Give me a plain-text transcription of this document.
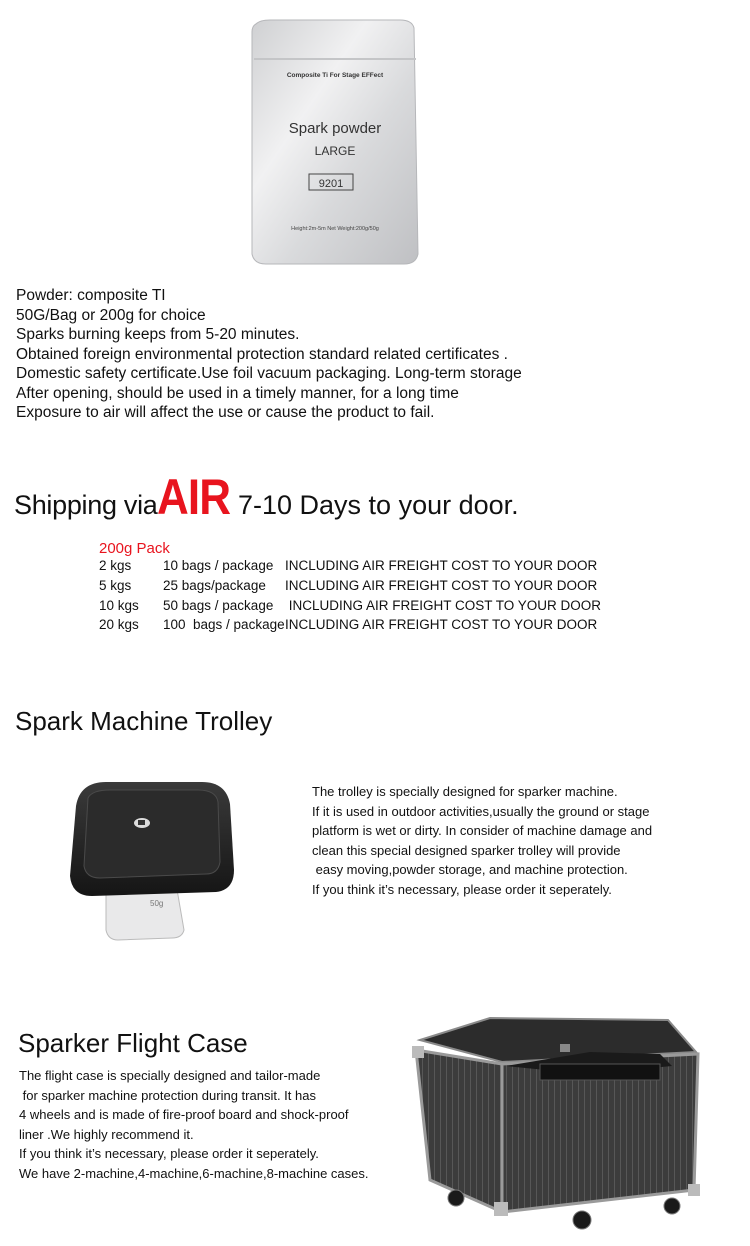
Composite Ti For Stage EFFect
Spark powder
LARGE
9201
Height:2m-5m Net Weight:200g/50g
Powder: composite TI
50G/Bag or 200g for choice
Sparks burning keeps from 5-20 minutes.
Obtained foreign environmental protection standard related certificates .
Domestic safety certificate.Use foil vacuum packaging. Long-term storage
After opening, should be used in a timely manner, for a long time
Exposure to air will affect the use or cause the product to fail.
Shipping via AIR 7-10 Days to your door.
200g Pack
2 kgs 10 bags / package INCLUDING AIR FREIGHT COST TO YOUR DOOR
5 kgs 25 bags/package INCLUDING AIR FREIGHT COST TO YOUR DOOR
10 kgs 50 bags / package INCLUDING AIR FREIGHT COST TO YOUR DOOR
20 kgs 100  bags / package INCLUDING AIR FREIGHT COST TO YOUR DOOR
Spark Machine Trolley
50g
The trolley is specially designed for sparker machine.
If it is used in outdoor activities,usually the ground or stage
platform is wet or dirty. In consider of machine damage and
clean this special designed sparker trolley will provide
easy moving,powder storage, and machine protection.
If you think it’s necessary, please order it seperately.
Sparker Flight Case
The flight case is specially designed and tailor-made
for sparker machine protection during transit. It has
4 wheels and is made of fire-proof board and shock-proof
liner .We highly recommend it.
If you think it’s necessary, please order it seperately.
We have 2-machine,4-machine,6-machine,8-machine cases.
